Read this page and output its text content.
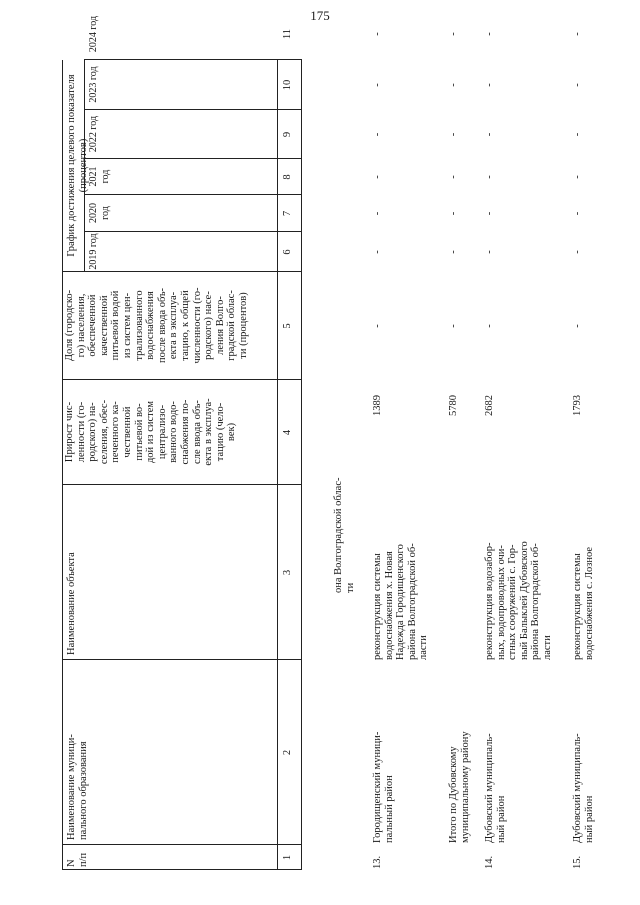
175
N
п/п
Наименование муници-
пального образования
Наименование объекта
Прирост чис-
ленности (го-
родского) на-
селения, обес-
печенного ка-
чественной
питьевой во-
дой из систем
централизо-
ванного водо-
снабжения по-
сле ввода объ-
екта в эксплуа-
тацию (чело-
век)
Доля (городско-
го) населения,
обеспеченной
качественной
питьевой водой
из систем цен-
трализованного
водоснабжения
после ввода объ-
екта в эксплуа-
тацию, к общей
численности (го-
родского) насе-
ления Волго-
градской облас-
ти (процентов)
График достижения целевого показателя (процентов)
2019 год
2020 год
2021 год
2022 год
2023 год
2024 год
1
2
3
4
5
6
7
8
9
10
11
она Волгоградской облас-
ти
13.
Городищенский муници-
пальный район
реконструкция системы
водоснабжения х. Новая
Надежда Городищенского
района Волгоградской об-
ласти
1389
-
-
-
-
-
-
-
Итого по Дубовскому
муниципальному району
5780
-
-
-
-
-
-
-
14.
Дубовский муниципаль-
ный район
реконструкция водозабор-
ных, водопроводных очи-
стных сооружений с. Гор-
ный Балыклей Дубовского
района Волгоградской об-
ласти
2682
-
-
-
-
-
-
-
15.
Дубовский муниципаль-
ный район
реконструкция системы
водоснабжения с. Лозное
1793
-
-
-
-
-
-
-
